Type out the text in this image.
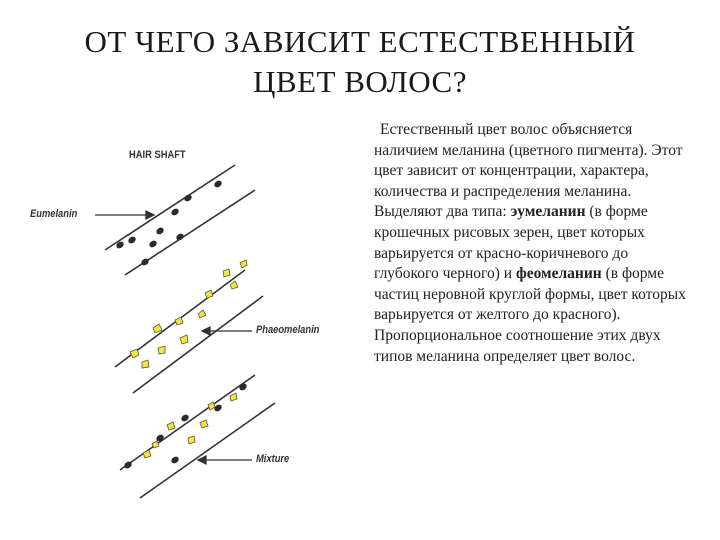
ОТ ЧЕГО ЗАВИСИТ ЕСТЕСТВЕННЫЙ
ЦВЕТ ВОЛОС?
HAIR SHAFT
Eumelanin
Phaeomelanin
Mixture

Естественный цвет волос объясняется наличием меланина (цветного пигмента). Этот цвет зависит от концентрации, характера, количества и распределения меланина. Выделяют два типа: эумеланин (в форме крошечных рисовых зерен, цвет которых варьируется от красно-коричневого до глубокого черного) и феомеланин (в форме частиц неровной круглой формы, цвет которых варьируется от желтого до красного). Пропорциональное соотношение этих двух типов меланина определяет цвет волос.
